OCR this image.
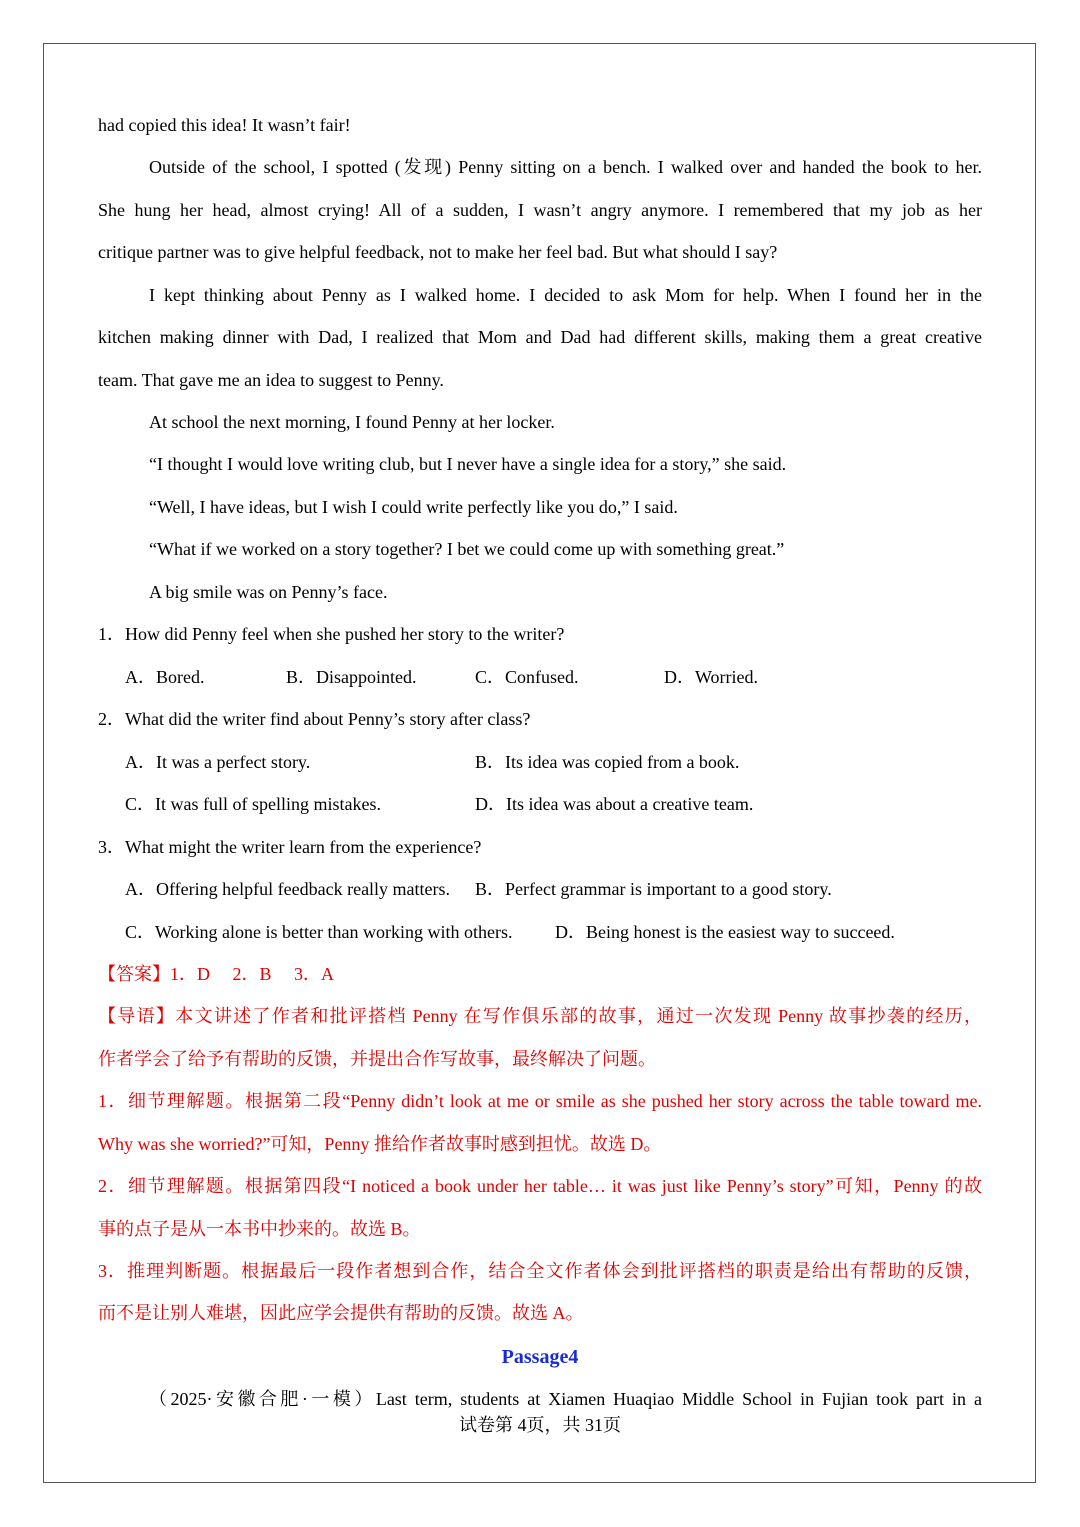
had copied this idea! It wasn’t fair!
Outside of the school, I spotted (发现) Penny sitting on a bench. I walked over and handed the book to her.
She hung her head, almost crying! All of a sudden, I wasn’t angry anymore. I remembered that my job as her
critique partner was to give helpful feedback, not to make her feel bad. But what should I say?
I kept thinking about Penny as I walked home. I decided to ask Mom for help. When I found her in the
kitchen making dinner with Dad, I realized that Mom and Dad had different skills, making them a great creative
team. That gave me an idea to suggest to Penny.
At school the next morning, I found Penny at her locker.
“I thought I would love writing club, but I never have a single idea for a story,” she said.
“Well, I have ideas, but I wish I could write perfectly like you do,” I said.
“What if we worked on a story together? I bet we could come up with something great.”
A big smile was on Penny’s face.
1．How did Penny feel when she pushed her story to the writer?
A．Bored.	B．Disappointed.	C．Confused.	D．Worried.
2．What did the writer find about Penny’s story after class?
A．It was a perfect story.	B．Its idea was copied from a book.
C．It was full of spelling mistakes.	D．Its idea was about a creative team.
3．What might the writer learn from the experience?
A．Offering helpful feedback really matters. B．Perfect grammar is important to a good story.
C．Working alone is better than working with others. D．Being honest is the easiest way to succeed.
【答案】1．D　 2．B　 3．A
【导语】本文讲述了作者和批评搭档 Penny 在写作俱乐部的故事，通过一次发现 Penny 故事抄袭的经历，
作者学会了给予有帮助的反馈，并提出合作写故事，最终解决了问题。
1．细节理解题。根据第二段“Penny didn’t look at me or smile as she pushed her story across the table toward me.
Why was she worried?”可知，Penny 推给作者故事时感到担忧。故选 D。
2．细节理解题。根据第四段“I noticed a book under her table… it was just like Penny’s story”可知，Penny 的故
事的点子是从一本书中抄来的。故选 B。
3．推理判断题。根据最后一段作者想到合作，结合全文作者体会到批评搭档的职责是给出有帮助的反馈，
而不是让别人难堪，因此应学会提供有帮助的反馈。故选 A。
Passage4
（2025·安徽合肥·一模）Last term, students at Xiamen Huaqiao Middle School in Fujian took part in a
试卷第 4页，共 31页
